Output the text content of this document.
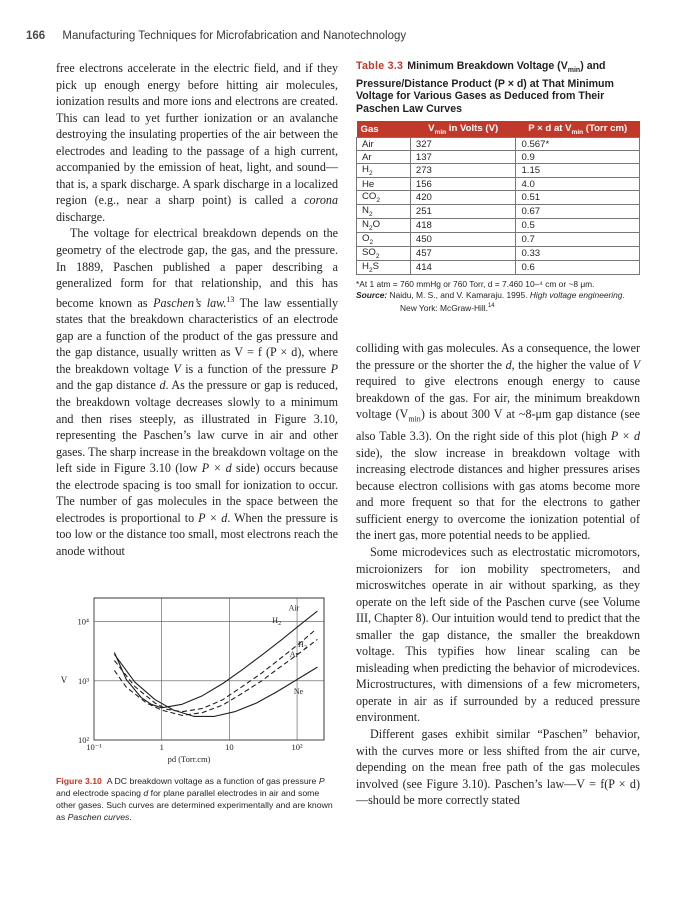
166 Manufacturing Techniques for Microfabrication and Nanotechnology

free electrons accelerate in the electric field, and if they pick up enough energy before hitting air molecules, ionization results and more ions and electrons are created. This can lead to yet further ionization or an avalanche destroying the insulating properties of the air between the electrodes and leading to the passage of a high current, accompanied by the emission of heat, light, and sound—that is, a spark discharge. A spark discharge in a localized region (e.g., near a sharp point) is called a corona discharge.

The voltage for electrical breakdown depends on the geometry of the electrode gap, the gas, and the pressure. In 1889, Paschen published a paper describing a generalized form for that relationship, and this has become known as Paschen’s law.$^{13}$ The law essentially states that the breakdown characteristics of an electrode gap are a function of the product of the gas pressure and the gap distance, usually written as V = f (P × d), where the breakdown voltage V is a function of the pressure P and the gap distance d. As the pressure or gap is reduced, the breakdown voltage decreases slowly to a minimum and then rises steeply, as illustrated in Figure 3.10, representing the Paschen’s law curve in air and other gases. The sharp increase in the breakdown voltage on the left side in Figure 3.10 (low P × d side) occurs because the electrode spacing is too small for ionization to occur. The number of gas molecules in the space between the electrodes is proportional to P × d. When the pressure is too low or the distance too small, most electrons reach the anode without

Table 3.3 Minimum Breakdown Voltage $(V_{min})$ and Pressure/Distance Product (P × d) at That Minimum Voltage for Various Gases as Deduced from Their Paschen Law Curves
Gas	$V_{min}$ in Volts (V)	P × d at $V_{min}$ (Torr cm)
Air	327	0.567*
Ar	137	0.9
$H_2$	273	1.15
He	156	4.0
$CO_2$	420	0.51
$N_2$	251	0.67
$N_2O$	418	0.5
$O_2$	450	0.7
$SO_2$	457	0.33
$H_2S$	414	0.6
*At 1 atm = 760 mmHg or 760 Torr, d = 7.460 10–⁴ cm or ~8 μm.
Source: Naidu, M. S., and V. Kamaraju. 1995. High voltage engineering. New York: McGraw-Hill.$^{14}$
10⁻¹	1	10	10²
10²
10³
10⁴
pd (Torr.cm)
V
Air
$H_2$
$H_2$
Ar
Ne
Figure 3.10 A DC breakdown voltage as a function of gas pressure P and electrode spacing d for plane parallel electrodes in air and some other gases. Such curves are determined experimentally and are known as Paschen curves.

colliding with gas molecules. As a consequence, the lower the pressure or the shorter the d, the higher the value of V required to give electrons enough energy to cause breakdown of the gas. For air, the minimum breakdown voltage $(V_{min})$ is about 300 V at ~8-μm gap distance (see also Table 3.3). On the right side of this plot (high P × d side), the slow increase in breakdown voltage with increasing electrode distances and higher pressures arises because electron collisions with gas atoms become more and more frequent so that for the electrons to gather sufficient energy to overcome the ionization potential of the inert gas, more potential needs to be applied.

Some microdevices such as electrostatic micromotors, microionizers for ion mobility spectrometers, and microswitches operate in air without sparking, as they operate on the left side of the Paschen curve (see Volume III, Chapter 8). Our intuition would tend to predict that the smaller the gap distance, the smaller the breakdown voltage. This typifies how linear scaling can be misleading when predicting the behavior of microdevices. Microstructures, with dimensions of a few micrometers, operate in air as if surrounded by a reduced pressure environment.

Different gases exhibit similar “Paschen” behavior, with the curves more or less shifted from the air curve, depending on the mean free path of the gas molecules involved (see Figure 3.10). Paschen’s law—V = f(P × d)—should be more correctly stated
